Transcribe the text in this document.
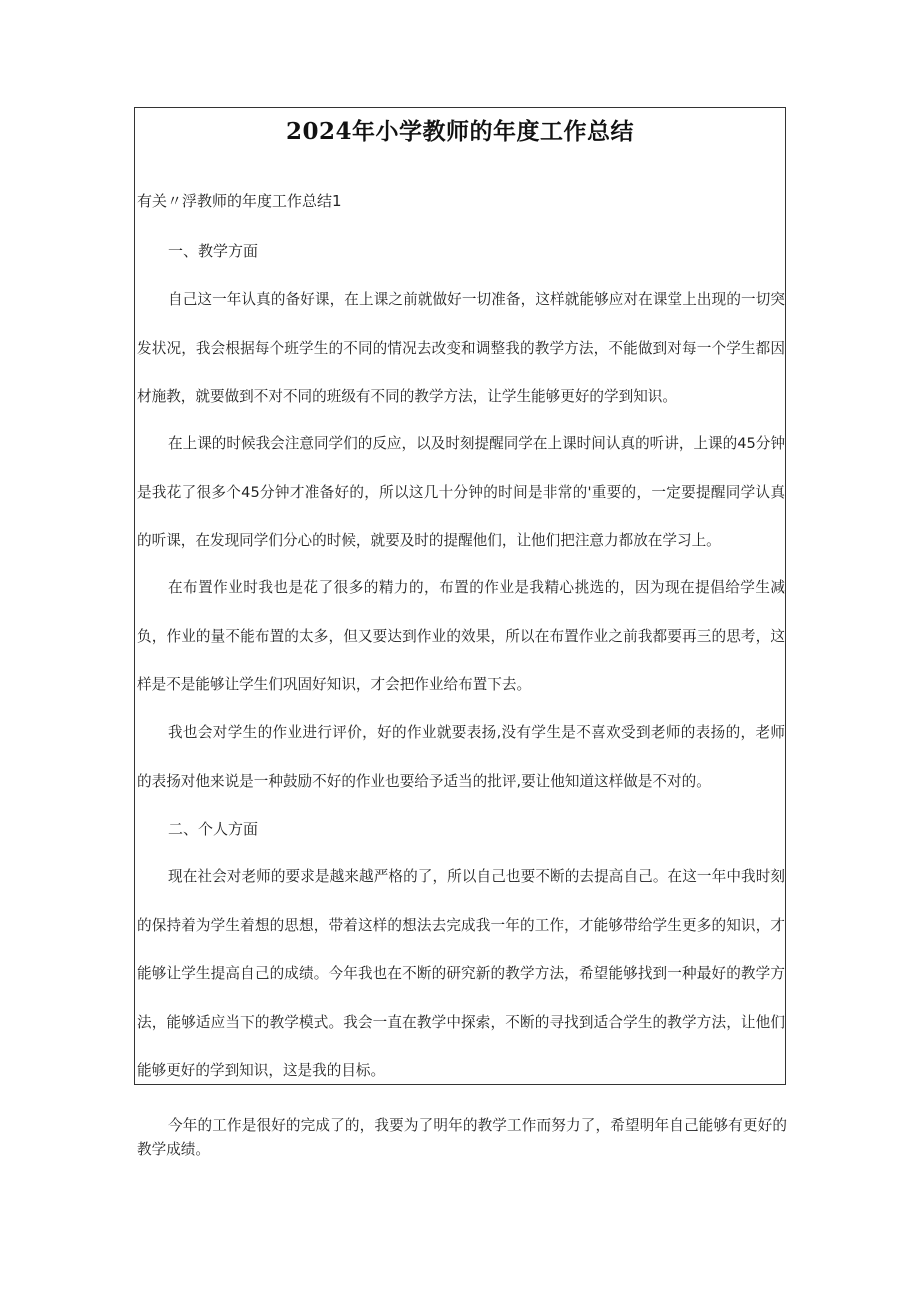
2024年小学教师的年度工作总结

有关〃浮教师的年度工作总结1

一、教学方面

自己这一年认真的备好课，在上课之前就做好一切准备，这样就能够应对在课堂上出现的一切突发状况，我会根据每个班学生的不同的情况去改变和调整我的教学方法，不能做到对每一个学生都因材施教，就要做到不对不同的班级有不同的教学方法，让学生能够更好的学到知识。

在上课的时候我会注意同学们的反应，以及时刻提醒同学在上课时间认真的听讲，上课的45分钟是我花了很多个45分钟才准备好的，所以这几十分钟的时间是非常的'重要的，一定要提醒同学认真的听课，在发现同学们分心的时候，就要及时的提醒他们，让他们把注意力都放在学习上。

在布置作业时我也是花了很多的精力的，布置的作业是我精心挑选的，因为现在提倡给学生减负，作业的量不能布置的太多，但又要达到作业的效果，所以在布置作业之前我都要再三的思考，这样是不是能够让学生们巩固好知识，才会把作业给布置下去。

我也会对学生的作业进行评价，好的作业就要表扬,没有学生是不喜欢受到老师的表扬的，老师的表扬对他来说是一种鼓励不好的作业也要给予适当的批评,要让他知道这样做是不对的。

二、个人方面

现在社会对老师的要求是越来越严格的了，所以自己也要不断的去提高自己。在这一年中我时刻的保持着为学生着想的思想，带着这样的想法去完成我一年的工作，才能够带给学生更多的知识，才能够让学生提高自己的成绩。今年我也在不断的研究新的教学方法，希望能够找到一种最好的教学方法，能够适应当下的教学模式。我会一直在教学中探索，不断的寻找到适合学生的教学方法，让他们能够更好的学到知识，这是我的目标。

今年的工作是很好的完成了的，我要为了明年的教学工作而努力了，希望明年自己能够有更好的教学成绩。
